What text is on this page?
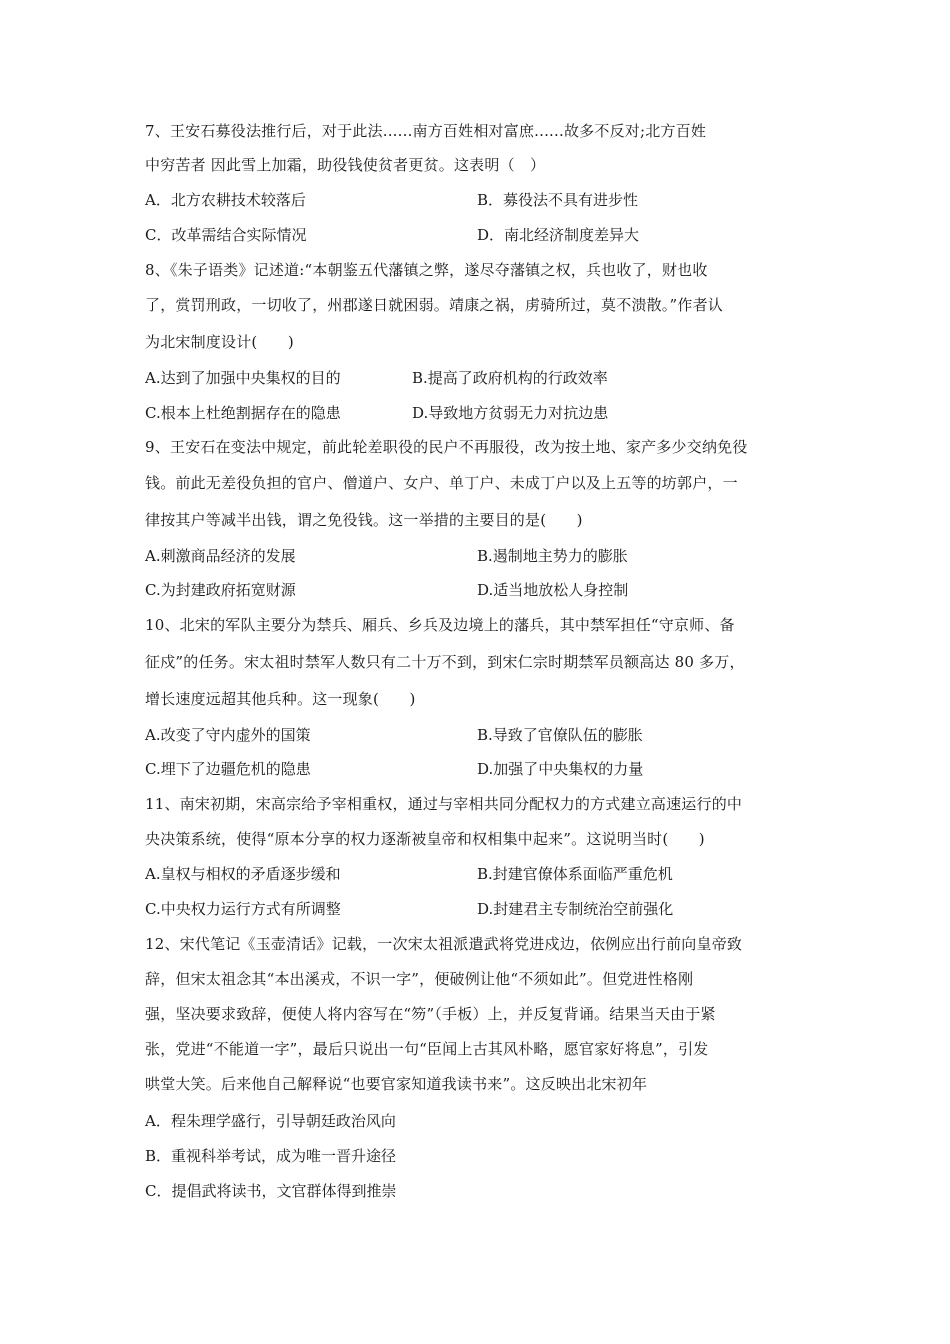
7、王安石募役法推行后，对于此法......南方百姓相对富庶......故多不反对;北方百姓
中穷苦者 因此雪上加霜，助役钱使贫者更贫。这表明（　）
A．北方农耕技术较落后	B．募役法不具有进步性
C．改革需结合实际情况	D．南北经济制度差异大
8、《朱子语类》记述道:“本朝鉴五代藩镇之弊，遂尽夺藩镇之权，兵也收了，财也收
了，赏罚刑政，一切收了，州郡遂日就困弱。靖康之祸，虏骑所过，莫不溃散。”作者认
为北宋制度设计(　　)
A.达到了加强中央集权的目的	B.提高了政府机构的行政效率
C.根本上杜绝割据存在的隐患	D.导致地方贫弱无力对抗边患
9、王安石在变法中规定，前此轮差职役的民户不再服役，改为按土地、家产多少交纳免役
钱。前此无差役负担的官户、僧道户、女户、单丁户、未成丁户以及上五等的坊郭户，一
律按其户等减半出钱，谓之免役钱。这一举措的主要目的是(　　)
A.刺激商品经济的发展	B.遏制地主势力的膨胀
C.为封建政府拓宽财源	D.适当地放松人身控制
10、北宋的军队主要分为禁兵、厢兵、乡兵及边境上的藩兵，其中禁军担任“守京师、备
征戍”的任务。宋太祖时禁军人数只有二十万不到，到宋仁宗时期禁军员额高达 80 多万，
增长速度远超其他兵种。这一现象(　　)
A.改变了守内虚外的国策	B.导致了官僚队伍的膨胀
C.埋下了边疆危机的隐患	D.加强了中央集权的力量
11、南宋初期，宋高宗给予宰相重权，通过与宰相共同分配权力的方式建立高速运行的中
央决策系统，使得“原本分享的权力逐渐被皇帝和权相集中起来”。这说明当时(　　)
A.皇权与相权的矛盾逐步缓和	B.封建官僚体系面临严重危机
C.中央权力运行方式有所调整	D.封建君主专制统治空前强化
12、宋代笔记《玉壶清话》记载，一次宋太祖派遣武将党进戍边，依例应出行前向皇帝致
辞，但宋太祖念其“本出溪戎，不识一字”，便破例让他“不须如此”。但党进性格刚
强，坚决要求致辞，便使人将内容写在“笏”（手板）上，并反复背诵。结果当天由于紧
张，党进“不能道一字”，最后只说出一句“臣闻上古其风朴略，愿官家好将息”，引发
哄堂大笑。后来他自己解释说“也要官家知道我读书来”。这反映出北宋初年
A．程朱理学盛行，引导朝廷政治风向
B．重视科举考试，成为唯一晋升途径
C．提倡武将读书，文官群体得到推崇
